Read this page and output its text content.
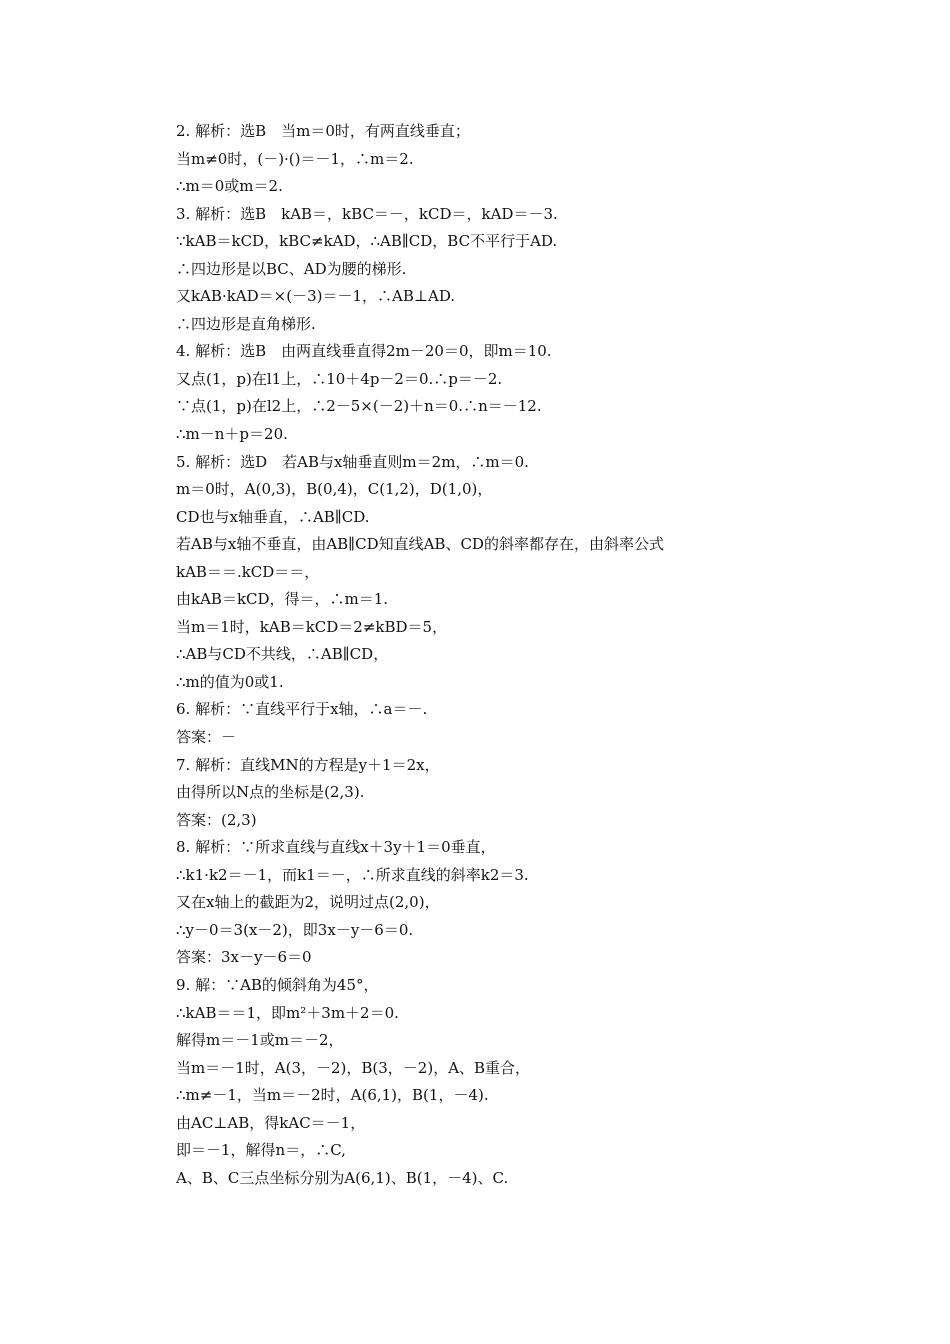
2. 解析：选B　当m＝0时，有两直线垂直；
当m≠0时，(－)·()＝－1，∴m＝2.
∴m＝0或m＝2.
3. 解析：选B　kAB＝，kBC＝－，kCD＝，kAD＝－3.
∵kAB＝kCD，kBC≠kAD，∴AB∥CD，BC不平行于AD.
∴四边形是以BC、AD为腰的梯形.
又kAB·kAD＝×(－3)＝－1，∴AB⊥AD.
∴四边形是直角梯形.
4. 解析：选B　由两直线垂直得2m－20＝0，即m＝10.
又点(1，p)在l1上，∴10＋4p－2＝0.∴p＝－2.
∵点(1，p)在l2上，∴2－5×(－2)＋n＝0.∴n＝－12.
∴m－n＋p＝20.
5. 解析：选D　若AB与x轴垂直则m＝2m，∴m＝0.
m＝0时，A(0,3)，B(0,4)，C(1,2)，D(1,0)，
CD也与x轴垂直，∴AB∥CD.
若AB与x轴不垂直，由AB∥CD知直线AB、CD的斜率都存在，由斜率公式
kAB＝＝.kCD＝＝，
由kAB＝kCD，得＝，∴m＝1.
当m＝1时，kAB＝kCD＝2≠kBD＝5，
∴AB与CD不共线，∴AB∥CD，
∴m的值为0或1.
6. 解析：∵直线平行于x轴，∴a＝－.
答案：－
7. 解析：直线MN的方程是y＋1＝2x，
由得所以N点的坐标是(2,3).
答案：(2,3)
8. 解析：∵所求直线与直线x＋3y＋1＝0垂直，
∴k1·k2＝－1，而k1＝－，∴所求直线的斜率k2＝3.
又在x轴上的截距为2，说明过点(2,0)，
∴y－0＝3(x－2)，即3x－y－6＝0.
答案：3x－y－6＝0
9. 解：∵AB的倾斜角为45°，
∴kAB＝＝1，即m²＋3m＋2＝0.
解得m＝－1或m＝－2，
当m＝－1时，A(3，－2)，B(3，－2)，A、B重合，
∴m≠－1，当m＝－2时，A(6,1)，B(1，－4).
由AC⊥AB，得kAC＝－1，
即＝－1，解得n＝，∴C,
A、B、C三点坐标分别为A(6,1)、B(1，－4)、C.
